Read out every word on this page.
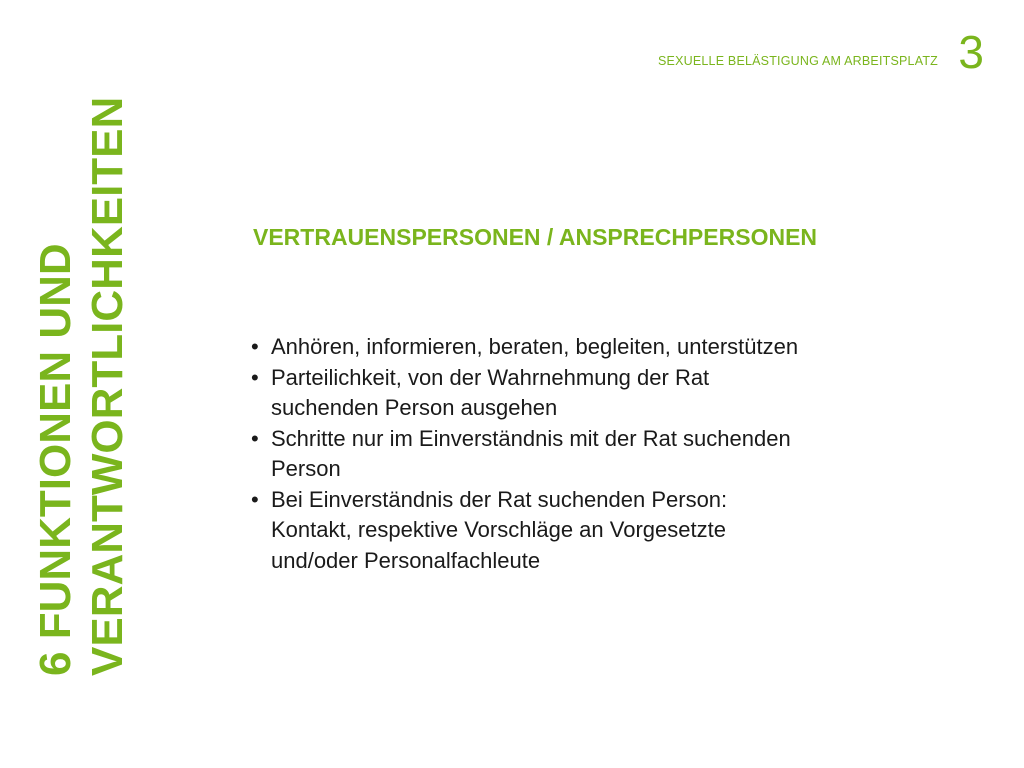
6 FUNKTIONEN UND VERANTWORTLICHKEITEN
SEXUELLE BELÄSTIGUNG AM ARBEITSPLATZ 3
VERTRAUENSPERSONEN / ANSPRECHPERSONEN
• Anhören, informieren, beraten, begleiten, unterstützen
• Parteilichkeit, von der Wahrnehmung der Rat
suchenden Person ausgehen
• Schritte nur im Einverständnis mit der Rat suchenden
Person
• Bei Einverständnis der Rat suchenden Person:
Kontakt, respektive Vorschläge an Vorgesetzte
und/oder Personalfachleute
